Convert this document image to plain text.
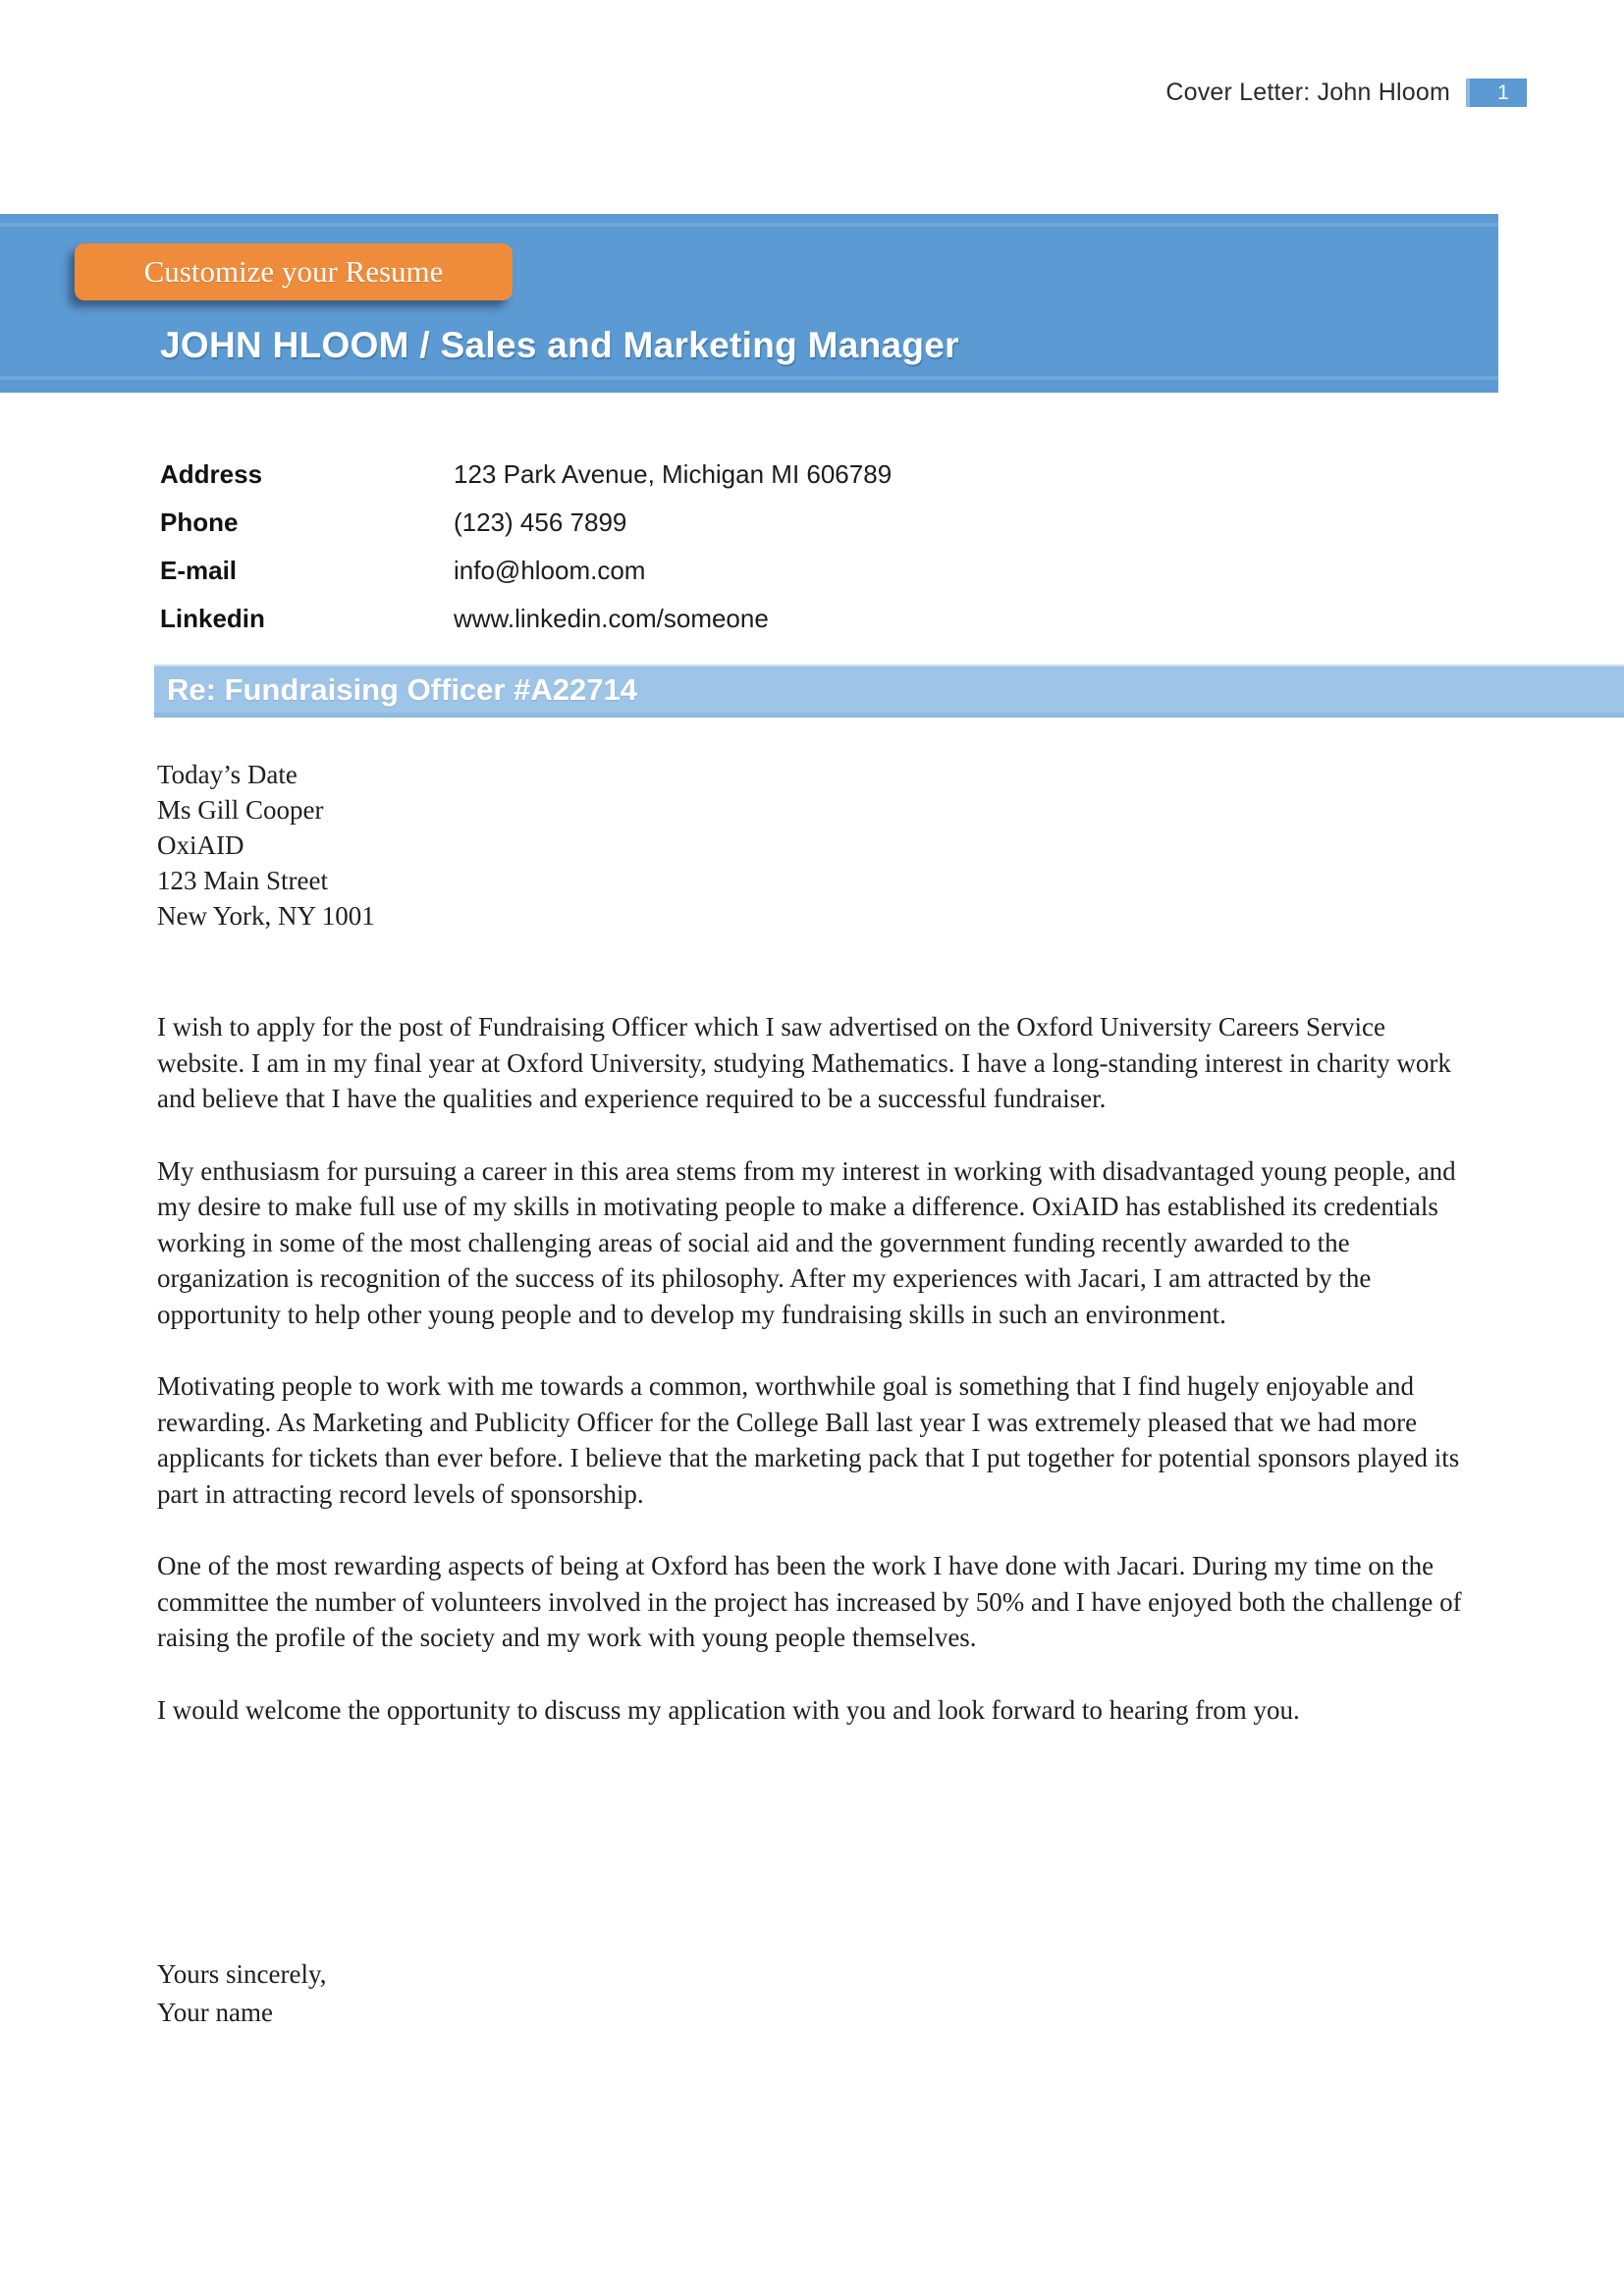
Cover Letter: John Hloom	1
Customize your Resume
JOHN HLOOM / Sales and Marketing Manager
Address	123 Park Avenue, Michigan MI 606789
Phone	(123) 456 7899
E-mail	info@hloom.com
Linkedin	www.linkedin.com/someone
Re: Fundraising Officer #A22714
Today’s Date
Ms Gill Cooper
OxiAID
123 Main Street
New York, NY 1001

I wish to apply for the post of Fundraising Officer which I saw advertised on the Oxford University Careers Service website. I am in my final year at Oxford University, studying Mathematics. I have a long-standing interest in charity work and believe that I have the qualities and experience required to be a successful fundraiser.

My enthusiasm for pursuing a career in this area stems from my interest in working with disadvantaged young people, and my desire to make full use of my skills in motivating people to make a difference. OxiAID has established its credentials working in some of the most challenging areas of social aid and the government funding recently awarded to the organization is recognition of the success of its philosophy. After my experiences with Jacari, I am attracted by the opportunity to help other young people and to develop my fundraising skills in such an environment.

Motivating people to work with me towards a common, worthwhile goal is something that I find hugely enjoyable and rewarding. As Marketing and Publicity Officer for the College Ball last year I was extremely pleased that we had more applicants for tickets than ever before. I believe that the marketing pack that I put together for potential sponsors played its part in attracting record levels of sponsorship.

One of the most rewarding aspects of being at Oxford has been the work I have done with Jacari. During my time on the committee the number of volunteers involved in the project has increased by 50% and I have enjoyed both the challenge of raising the profile of the society and my work with young people themselves.

I would welcome the opportunity to discuss my application with you and look forward to hearing from you.

Yours sincerely,
Your name
